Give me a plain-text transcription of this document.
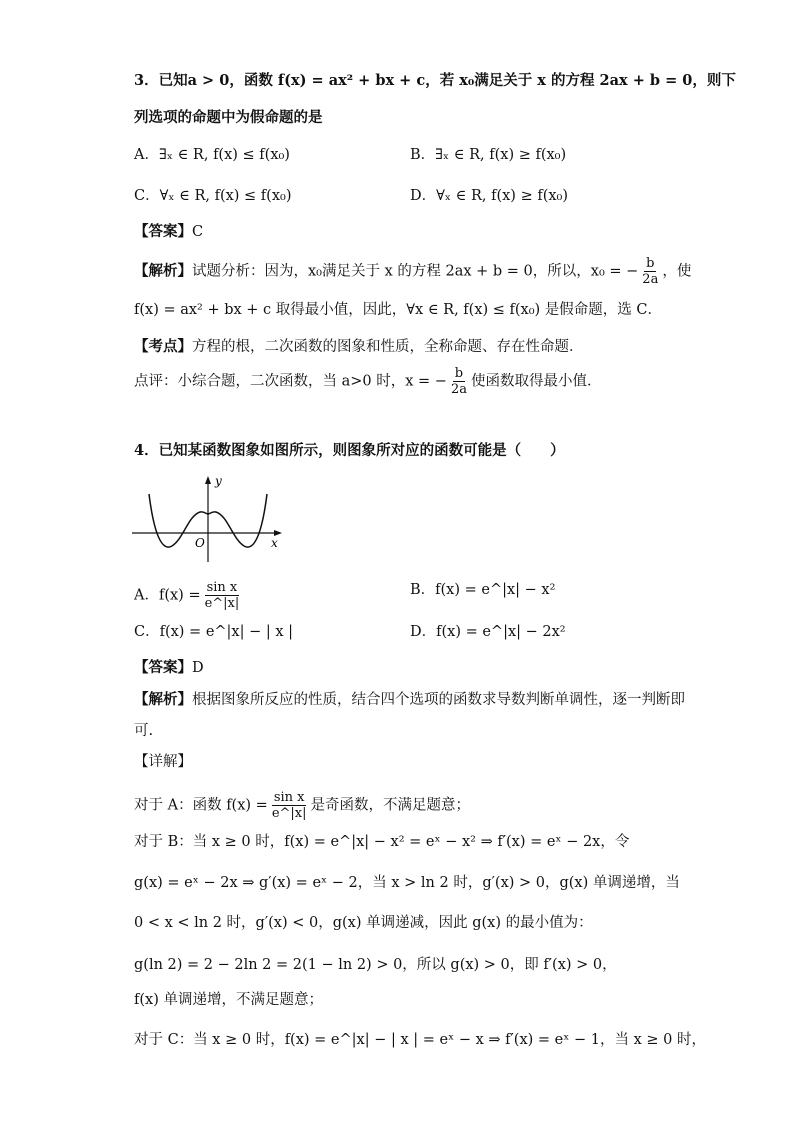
3．已知a > 0，函数 f(x) = ax² + bx + c，若 x₀满足关于 x 的方程 2ax + b = 0，则下
列选项的命题中为假命题的是
A．∃ₓ ∈ R, f(x) ≤ f(x₀)	B．∃ₓ ∈ R, f(x) ≥ f(x₀)
C．∀ₓ ∈ R, f(x) ≤ f(x₀)	D．∀ₓ ∈ R, f(x) ≥ f(x₀)
【答案】C
【解析】试题分析：因为，x₀满足关于 x 的方程 2ax + b = 0，所以，x₀ = − $\frac{b}{2a}$ ，使
f(x) = ax² + bx + c 取得最小值，因此，∀x ∈ R, f(x) ≤ f(x₀) 是假命题，选 C．
【考点】方程的根，二次函数的图象和性质，全称命题、存在性命题．
点评：小综合题，二次函数，当 a>0 时，x = − $\frac{b}{2a}$ 使函数取得最小值．
4．已知某函数图象如图所示，则图象所对应的函数可能是（　　）
y
x
O
A．$f(x) = \frac{\text{sin x}}{e\^{}|x|}$	B．f(x) = e^|x| − x²
C．f(x) = e^|x| − | x |	D．f(x) = e^|x| − 2x²
【答案】D
【解析】根据图象所反应的性质，结合四个选项的函数求导数判断单调性，逐一判断即
可.
【详解】
对于 A：函数 $f(x) = \frac{\text{sin x}}{e\^{}|x|}$ 是奇函数，不满足题意；
对于 B：当 x ≥ 0 时，f(x) = e^|x| − x² = eˣ − x² ⇒ f′(x) = eˣ − 2x，令
g(x) = eˣ − 2x ⇒ g′(x) = eˣ − 2，当 x > ln 2 时，g′(x) > 0，g(x) 单调递增，当
0 < x < ln 2 时，g′(x) < 0，g(x) 单调递减，因此 g(x) 的最小值为：
g(ln 2) = 2 − 2ln 2 = 2(1 − ln 2) > 0，所以 g(x) > 0，即 f′(x) > 0，
f(x) 单调递增，不满足题意；
对于 C：当 x ≥ 0 时，f(x) = e^|x| − | x | = eˣ − x ⇒ f′(x) = eˣ − 1，当 x ≥ 0 时，
